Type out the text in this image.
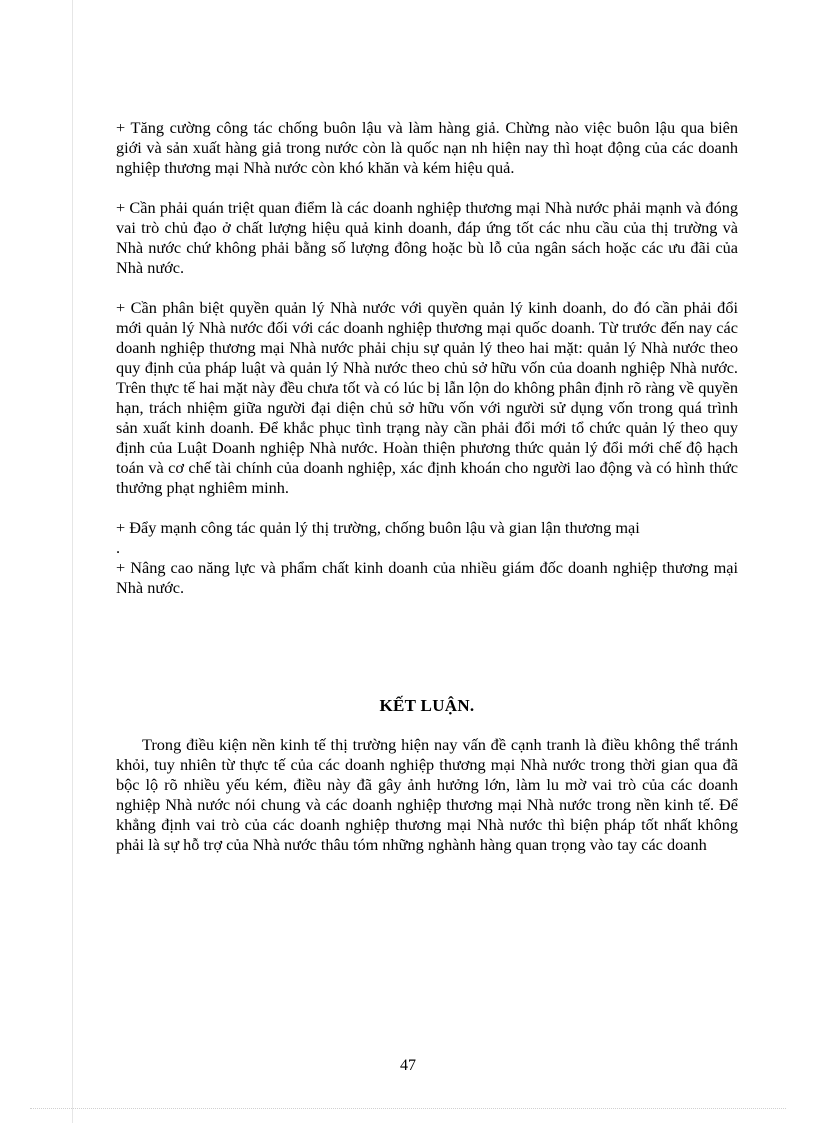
+ Tăng cường công tác chống buôn lậu và làm hàng giả. Chừng nào việc buôn lậu qua biên giới và sản xuất hàng giả trong nước còn là quốc nạn nh hiện nay thì hoạt động của các doanh nghiệp thương mại Nhà nước còn khó khăn và kém hiệu quả.

+ Cần phải quán triệt quan điểm là các doanh nghiệp thương mại Nhà nước phải mạnh và đóng vai trò chủ đạo ở chất lượng hiệu quả kinh doanh, đáp ứng tốt các nhu cầu của thị trường và Nhà nước chứ không phải bằng số lượng đông hoặc bù lỗ của ngân sách hoặc các ưu đãi của Nhà nước.

+ Cần phân biệt quyền quản lý Nhà nước với quyền quản lý kinh doanh, do đó cần phải đổi mới quản lý Nhà nước đối với các doanh nghiệp thương mại quốc doanh. Từ trước đến nay các doanh nghiệp thương mại Nhà nước phải chịu sự quản lý theo hai mặt: quản lý Nhà nước theo quy định của pháp luật và quản lý Nhà nước theo chủ sở hữu vốn của doanh nghiệp Nhà nước. Trên thực tế hai mặt này đều chưa tốt và có lúc bị lẫn lộn do không phân định rõ ràng về quyền hạn, trách nhiệm giữa người đại diện chủ sở hữu vốn với người sử dụng vốn trong quá trình sản xuất kinh doanh. Để khắc phục tình trạng này cần phải đổi mới tổ chức quản lý theo quy định của Luật Doanh nghiệp Nhà nước. Hoàn thiện phương thức quản lý đổi mới chế độ hạch toán và cơ chế tài chính của doanh nghiệp, xác định khoán cho người lao động và có hình thức thưởng phạt nghiêm minh.

+ Đẩy mạnh công tác quản lý thị trường, chống buôn lậu và gian lận thương mại

.

+ Nâng cao năng lực và phẩm chất kinh doanh của nhiều giám đốc doanh nghiệp thương mại Nhà nước.

KẾT LUẬN.

Trong điều kiện nền kinh tế thị trường hiện nay vấn đề cạnh tranh là điều không thể tránh khỏi, tuy nhiên từ thực tế của các doanh nghiệp thương mại Nhà nước trong thời gian qua đã bộc lộ rõ nhiều yếu kém, điều này đã gây ảnh hưởng lớn, làm lu mờ vai trò của các doanh nghiệp Nhà nước nói chung và các doanh nghiệp thương mại Nhà nước trong nền kinh tế. Để khẳng định vai trò của các doanh nghiệp thương mại Nhà nước thì biện pháp tốt nhất không phải là sự hỗ trợ của Nhà nước thâu tóm những nghành hàng quan trọng vào tay các doanh

47
